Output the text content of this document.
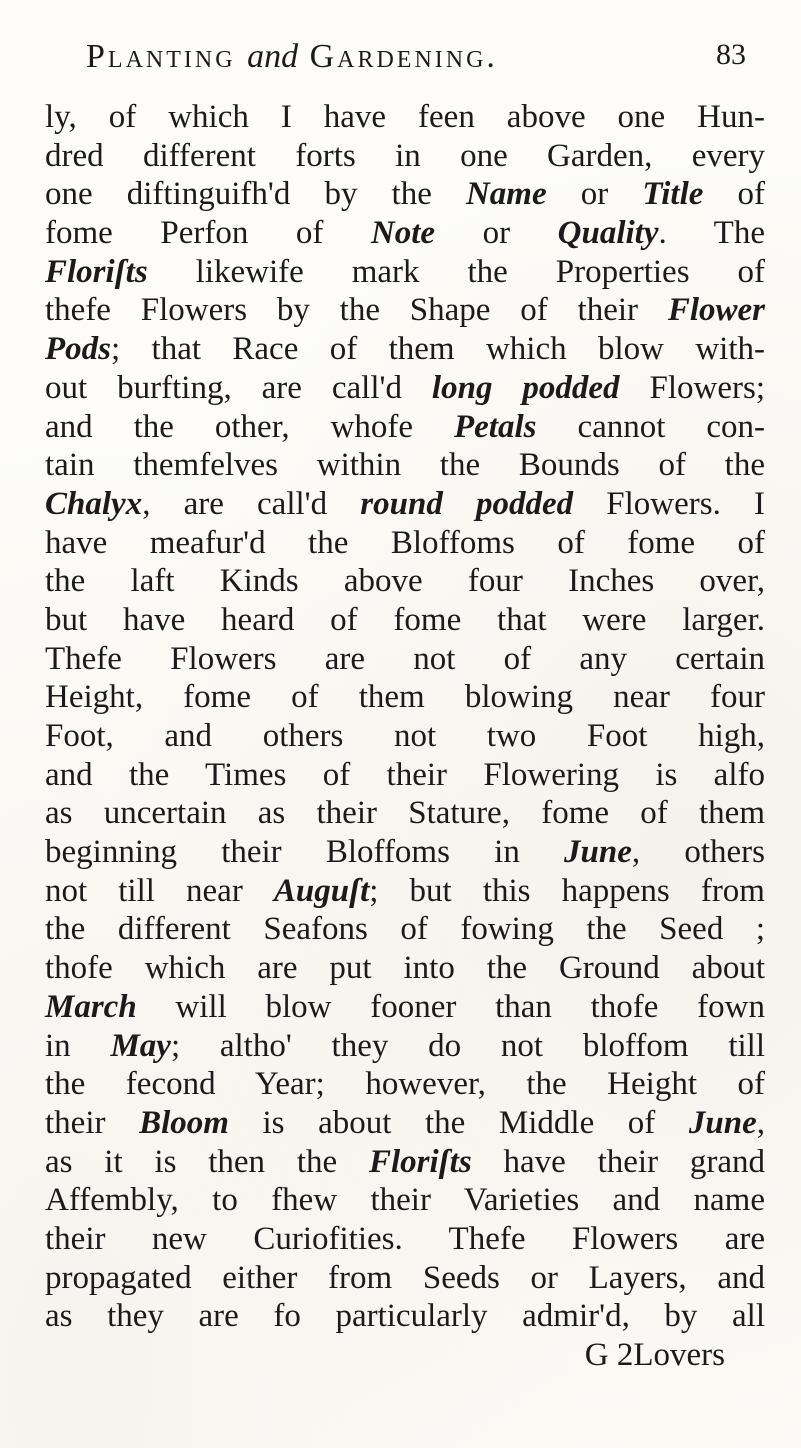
Planting and Gardening.	83
ly, of which I have feen above one Hun-
dred different forts in one Garden, every
one diftinguifh'd by the Name or Title of
fome Perfon of Note or Quality. The
Floriſts likewife mark the Properties of
thefe Flowers by the Shape of their Flower
Pods; that Race of them which blow with-
out burfting, are call'd long podded Flowers;
and the other, whofe Petals cannot con-
tain themfelves within the Bounds of the
Chalyx, are call'd round podded Flowers. I
have meafur'd the Bloffoms of fome of
the laft Kinds above four Inches over,
but have heard of fome that were larger.
Thefe Flowers are not of any certain
Height, fome of them blowing near four
Foot, and others not two Foot high,
and the Times of their Flowering is alfo
as uncertain as their Stature, fome of them
beginning their Bloffoms in June, others
not till near Auguſt; but this happens from
the different Seafons of fowing the Seed ;
thofe which are put into the Ground about
March will blow fooner than thofe fown
in May; altho' they do not bloffom till
the fecond Year; however, the Height of
their Bloom is about the Middle of June,
as it is then the Floriſts have their grand
Affembly, to fhew their Varieties and name
their new Curiofities. Thefe Flowers are
propagated either from Seeds or Layers, and
as they are fo particularly admir'd, by all
G 2Lovers
